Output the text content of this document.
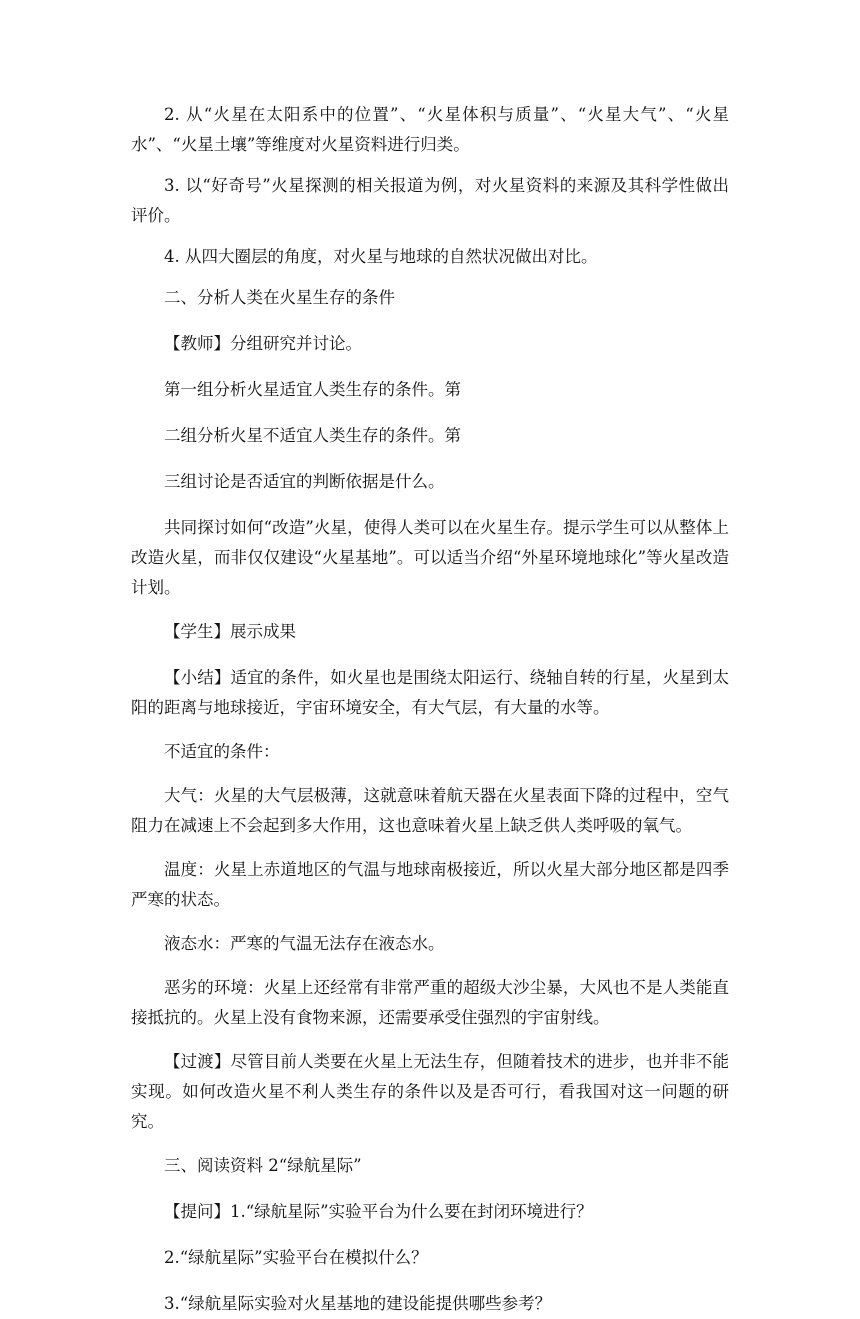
2. 从“火星在太阳系中的位置”、“火星体积与质量”、“火星大气”、“火星水”、“火星土壤”等维度对火星资料进行归类。

3. 以“好奇号”火星探测的相关报道为例，对火星资料的来源及其科学性做出评价。

4. 从四大圈层的角度，对火星与地球的自然状况做出对比。

二、分析人类在火星生存的条件

【教师】分组研究并讨论。

第一组分析火星适宜人类生存的条件。第

二组分析火星不适宜人类生存的条件。第

三组讨论是否适宜的判断依据是什么。

共同探讨如何“改造”火星，使得人类可以在火星生存。提示学生可以从整体上改造火星，而非仅仅建设“火星基地”。可以适当介绍“外星环境地球化”等火星改造计划。

【学生】展示成果

【小结】适宜的条件，如火星也是围绕太阳运行、绕轴自转的行星，火星到太阳的距离与地球接近，宇宙环境安全，有大气层，有大量的水等。

不适宜的条件：

大气：火星的大气层极薄，这就意味着航天器在火星表面下降的过程中，空气阻力在减速上不会起到多大作用，这也意味着火星上缺乏供人类呼吸的氧气。

温度：火星上赤道地区的气温与地球南极接近，所以火星大部分地区都是四季严寒的状态。

液态水：严寒的气温无法存在液态水。

恶劣的环境：火星上还经常有非常严重的超级大沙尘暴，大风也不是人类能直接抵抗的。火星上没有食物来源，还需要承受住强烈的宇宙射线。

【过渡】尽管目前人类要在火星上无法生存，但随着技术的进步，也并非不能实现。如何改造火星不利人类生存的条件以及是否可行，看我国对这一问题的研究。

三、阅读资料 2“绿航星际”

【提问】1.“绿航星际”实验平台为什么要在封闭环境进行？

2.“绿航星际”实验平台在模拟什么？

3.“绿航星际实验对火星基地的建设能提供哪些参考？
